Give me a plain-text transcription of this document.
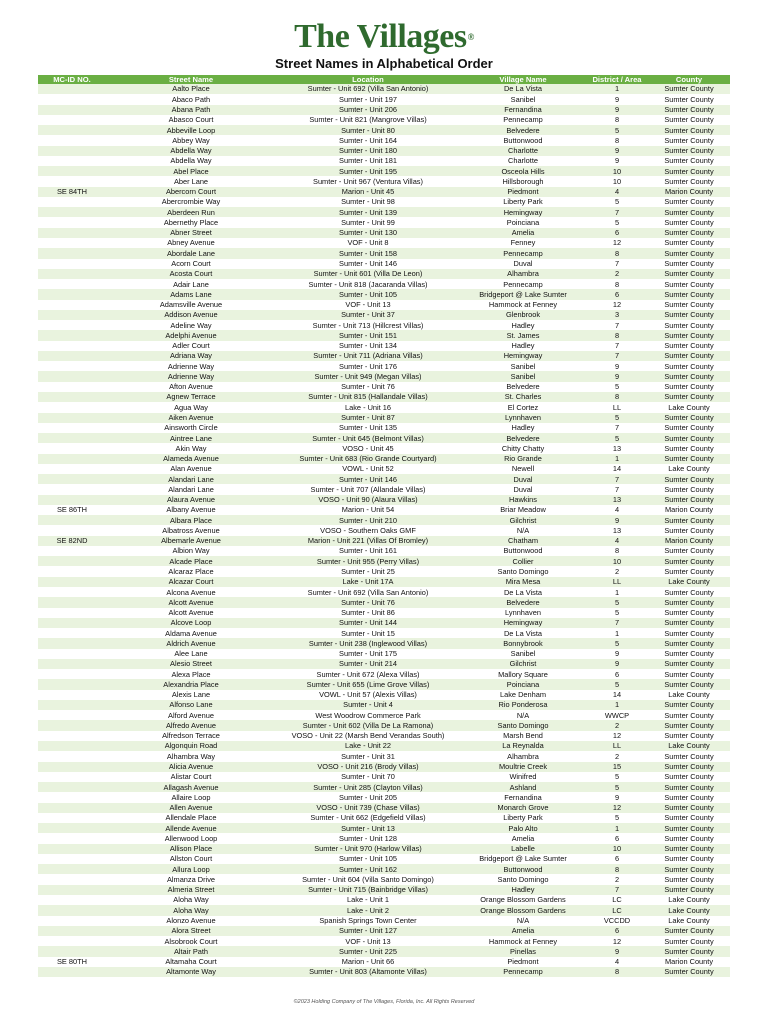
The Villages®
Street Names in Alphabetical Order
MC-ID NO.	Street Name	Location	Village Name	District / Area	County
	Aalto Place	Sumter - Unit 692 (Villa San Antonio)	De La Vista	1	Sumter County
	Abaco Path	Sumter - Unit 197	Sanibel	9	Sumter County
	Abana Path	Sumter - Unit 206	Fernandina	9	Sumter County
	Abasco Court	Sumter - Unit 821 (Mangrove Villas)	Pennecamp	8	Sumter County
	Abbeville Loop	Sumter - Unit 80	Belvedere	5	Sumter County
	Abbey Way	Sumter - Unit 164	Buttonwood	8	Sumter County
	Abdella Way	Sumter - Unit 180	Charlotte	9	Sumter County
	Abdella Way	Sumter - Unit 181	Charlotte	9	Sumter County
	Abel Place	Sumter - Unit 195	Osceola Hills	10	Sumter County
	Aber Lane	Sumter - Unit 967 (Ventura Villas)	Hillsborough	10	Sumter County
SE 84TH	Abercorn Court	Marion - Unit 45	Piedmont	4	Marion County
	Abercrombie Way	Sumter - Unit 98	Liberty Park	5	Sumter County
	Aberdeen Run	Sumter - Unit 139	Hemingway	7	Sumter County
	Abernethy Place	Sumter - Unit 99	Poinciana	5	Sumter County
	Abner Street	Sumter - Unit 130	Amelia	6	Sumter County
	Abney Avenue	VOF - Unit 8	Fenney	12	Sumter County
	Abordale Lane	Sumter - Unit 158	Pennecamp	8	Sumter County
	Acorn Court	Sumter - Unit 146	Duval	7	Sumter County
	Acosta Court	Sumter - Unit 601 (Villa De Leon)	Alhambra	2	Sumter County
	Adair Lane	Sumter - Unit 818 (Jacaranda Villas)	Pennecamp	8	Sumter County
	Adams Lane	Sumter - Unit 105	Bridgeport @ Lake Sumter	6	Sumter County
	Adamsville Avenue	VOF - Unit 13	Hammock at Fenney	12	Sumter County
	Addison Avenue	Sumter - Unit 37	Glenbrook	3	Sumter County
	Adeline Way	Sumter - Unit 713 (Hillcrest Villas)	Hadley	7	Sumter County
	Adelphi Avenue	Sumter - Unit 151	St. James	8	Sumter County
	Adler Court	Sumter - Unit 134	Hadley	7	Sumter County
	Adriana Way	Sumter - Unit 711 (Adriana Villas)	Hemingway	7	Sumter County
	Adrienne Way	Sumter - Unit 176	Sanibel	9	Sumter County
	Adrienne Way	Sumter - Unit 949 (Megan Villas)	Sanibel	9	Sumter County
	Afton Avenue	Sumter - Unit 76	Belvedere	5	Sumter County
	Agnew Terrace	Sumter - Unit 815 (Hallandale Villas)	St. Charles	8	Sumter County
	Agua Way	Lake - Unit 16	El Cortez	LL	Lake County
	Aiken Avenue	Sumter - Unit 87	Lynnhaven	5	Sumter County
	Ainsworth Circle	Sumter - Unit 135	Hadley	7	Sumter County
	Aintree Lane	Sumter - Unit 645 (Belmont Villas)	Belvedere	5	Sumter County
	Akin Way	VOSO - Unit 45	Chitty Chatty	13	Sumter County
	Alameda Avenue	Sumter - Unit 683 (Rio Grande Courtyard)	Rio Grande	1	Sumter County
	Alan Avenue	VOWL - Unit 52	Newell	14	Lake County
	Alandari Lane	Sumter - Unit 146	Duval	7	Sumter County
	Alandari Lane	Sumter - Unit 707 (Allandale Villas)	Duval	7	Sumter County
	Alaura Avenue	VOSO - Unit 90 (Alaura Villas)	Hawkins	13	Sumter County
SE 86TH	Albany Avenue	Marion - Unit 54	Briar Meadow	4	Marion County
	Albara Place	Sumter - Unit 210	Gilchrist	9	Sumter County
	Albatross Avenue	VOSO - Southern Oaks GMF	N/A	13	Sumter County
SE 82ND	Albemarle Avenue	Marion - Unit 221 (Villas Of Bromley)	Chatham	4	Marion County
	Albion Way	Sumter - Unit 161	Buttonwood	8	Sumter County
	Alcade Place	Sumter - Unit 955 (Perry Villas)	Collier	10	Sumter County
	Alcaraz Place	Sumter - Unit 25	Santo Domingo	2	Sumter County
	Alcazar Court	Lake - Unit 17A	Mira Mesa	LL	Lake County
	Alcona Avenue	Sumter - Unit 692 (Villa San Antonio)	De La Vista	1	Sumter County
	Alcott Avenue	Sumter - Unit 76	Belvedere	5	Sumter County
	Alcott Avenue	Sumter - Unit 86	Lynnhaven	5	Sumter County
	Alcove Loop	Sumter - Unit 144	Hemingway	7	Sumter County
	Aldama Avenue	Sumter - Unit 15	De La Vista	1	Sumter County
	Aldrich Avenue	Sumter - Unit 238 (Inglewood Villas)	Bonnybrook	5	Sumter County
	Alee Lane	Sumter - Unit 175	Sanibel	9	Sumter County
	Alesio Street	Sumter - Unit 214	Gilchrist	9	Sumter County
	Alexa Place	Sumter - Unit 672 (Alexa Villas)	Mallory Square	6	Sumter County
	Alexandria Place	Sumter - Unit 655 (Lime Grove Villas)	Poinciana	5	Sumter County
	Alexis Lane	VOWL - Unit 57 (Alexis Villas)	Lake Denham	14	Lake County
	Alfonso Lane	Sumter - Unit 4	Rio Ponderosa	1	Sumter County
	Alford Avenue	West Woodrow Commerce Park	N/A	WWCP	Sumter County
	Alfredo Avenue	Sumter - Unit 602 (Villa De La Ramona)	Santo Domingo	2	Sumter County
	Alfredson Terrace	VOSO - Unit 22 (Marsh Bend Verandas South)	Marsh Bend	12	Sumter County
	Algonquin Road	Lake - Unit 22	La Reynalda	LL	Lake County
	Alhambra Way	Sumter - Unit 31	Alhambra	2	Sumter County
	Alicia Avenue	VOSO - Unit 216 (Brody Villas)	Moultrie Creek	15	Sumter County
	Alistar Court	Sumter - Unit 70	Winifred	5	Sumter County
	Allagash Avenue	Sumter - Unit 285 (Clayton Villas)	Ashland	5	Sumter County
	Allaire Loop	Sumter - Unit 205	Fernandina	9	Sumter County
	Allen Avenue	VOSO - Unit 739 (Chase Villas)	Monarch Grove	12	Sumter County
	Allendale Place	Sumter - Unit 662 (Edgefield Villas)	Liberty Park	5	Sumter County
	Allende Avenue	Sumter - Unit 13	Palo Alto	1	Sumter County
	Allenwood Loop	Sumter - Unit 128	Amelia	6	Sumter County
	Allison Place	Sumter - Unit 970 (Harlow Villas)	Labelle	10	Sumter County
	Allston Court	Sumter - Unit 105	Bridgeport @ Lake Sumter	6	Sumter County
	Allura Loop	Sumter - Unit 162	Buttonwood	8	Sumter County
	Almanza Drive	Sumter - Unit 604 (Villa Santo Domingo)	Santo Domingo	2	Sumter County
	Almeria Street	Sumter - Unit 715 (Bainbridge Villas)	Hadley	7	Sumter County
	Aloha Way	Lake - Unit 1	Orange Blossom Gardens	LC	Lake County
	Aloha Way	Lake - Unit 2	Orange Blossom Gardens	LC	Lake County
	Alonzo Avenue	Spanish Springs Town Center	N/A	VCCDD	Lake County
	Alora Street	Sumter - Unit 127	Amelia	6	Sumter County
	Alsobrook Court	VOF - Unit 13	Hammock at Fenney	12	Sumter County
	Altair Path	Sumter - Unit 225	Pinellas	9	Sumter County
SE 80TH	Altamaha Court	Marion - Unit 66	Piedmont	4	Marion County
	Altamonte Way	Sumter - Unit 803 (Altamonte Villas)	Pennecamp	8	Sumter County
©2023 Holding Company of The Villages, Florida, Inc. All Rights Reserved
